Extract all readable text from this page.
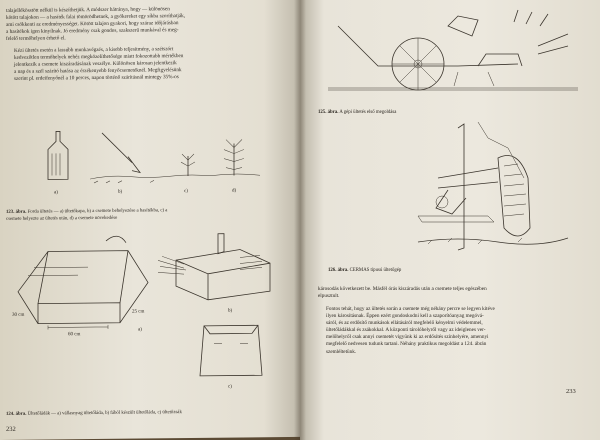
talajellékösstött nélkül is készíthetjük. A módszer hátránya, hogy — különösen
kötött talajokon — a hasíték falai tömörödhetnek, a gyökereket egy síkba szoríthatják,
ami csökkenti az eredményességet. Kötött talajon gyakori, hogy száraz időjárásban
a hasítékok igen kinyílnak. Jó eredmény csak gondos, szakszerű munkával és meg-
felelő termőhelyen érhető el.

Kézi ültetés esetén a lassúbb munkavégzés, a kisebb teljesítmény, a szétszórt
kedvezőtlen termőhelyek nehéz megközelíthetősége miatt fokozottabb mértékben
jelentkezik a csemete kiszáradásának veszélye. Különösen károsan jelentkezik
a nap és a szél szárító hatása az érzékenyebb fenyőcsemetéknél. Megfigyelésünk
szerint pl. erdeifenyőnél a 10 perces, napon történő szárításnál mintegy 35%-os

a)	b)	c)	d)

123. ábra. Forda ültetés — a) ültetőkapa, b) a csemete behelyezése a hasítékba, c) a
csemete helyezte az ültetés után, d) a csemete növekedése

60 cm
30 cm
25 cm
a)
b)
c)

124. ábra. Ültetőládák — a) vállasnyag ültetőláda, b) fából készült ültetőláda, c) ültetőzsák

232

125. ábra. A gépi ültetés első megoldása

126. ábra. CERMAS típusú ültetőgép

károsodás következett be. Másfél órás kiszáradás után a csemete teljes egészében
elpusztult.

Fontos tehát, hogy az ültetés során a csemete még néhány percre se legyen kitéve
ilyen károsításnak. Éppen ezért gondoskodni kell a szaporítóanyag megóvá-
sáról, és az erdősítő munkások ellátásáról megfelelő kényelmi védelemmel,
ültetőládákkal és zsákokkal. A központi tárolóhelyről vagy az ideiglenes ver-
melőhelyről csak annyi csemetét vigyünk ki az erdősítés színhelyére, amennyi
megfelelő nedvesen tudunk tartani. Néhány praktikus megoldást a 124. ábrán
szemléltetünk.

233
